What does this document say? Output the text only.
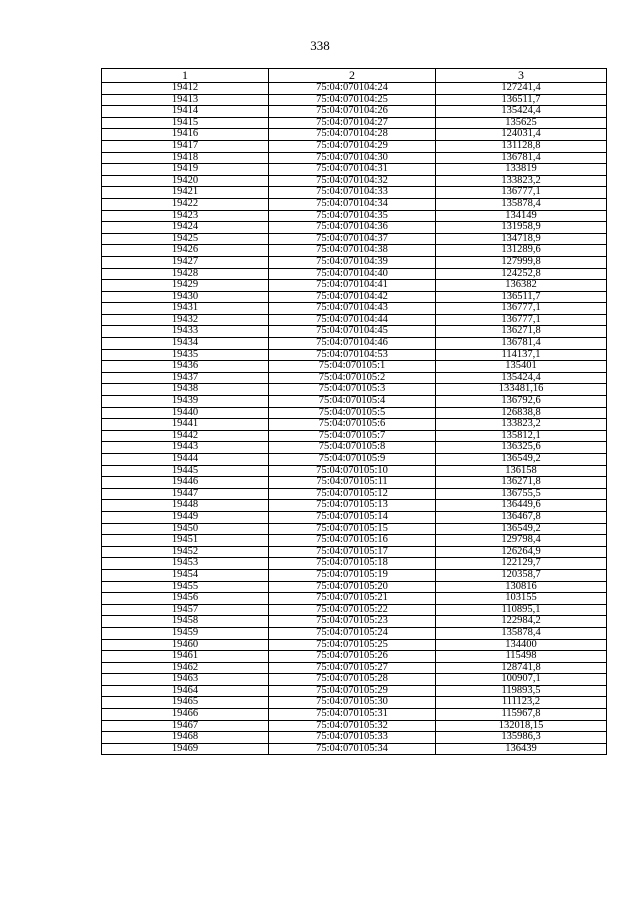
338
1	2	3
19412	75:04:070104:24	127241,4
19413	75:04:070104:25	136511,7
19414	75:04:070104:26	135424,4
19415	75:04:070104:27	135625
19416	75:04:070104:28	124031,4
19417	75:04:070104:29	131128,8
19418	75:04:070104:30	136781,4
19419	75:04:070104:31	133819
19420	75:04:070104:32	133823,2
19421	75:04:070104:33	136777,1
19422	75:04:070104:34	135878,4
19423	75:04:070104:35	134149
19424	75:04:070104:36	131958,9
19425	75:04:070104:37	134718,9
19426	75:04:070104:38	131289,6
19427	75:04:070104:39	127999,8
19428	75:04:070104:40	124252,8
19429	75:04:070104:41	136382
19430	75:04:070104:42	136511,7
19431	75:04:070104:43	136777,1
19432	75:04:070104:44	136777,1
19433	75:04:070104:45	136271,8
19434	75:04:070104:46	136781,4
19435	75:04:070104:53	114137,1
19436	75:04:070105:1	135401
19437	75:04:070105:2	135424,4
19438	75:04:070105:3	133481,16
19439	75:04:070105:4	136792,6
19440	75:04:070105:5	126838,8
19441	75:04:070105:6	133823,2
19442	75:04:070105:7	135812,1
19443	75:04:070105:8	136325,6
19444	75:04:070105:9	136549,2
19445	75:04:070105:10	136158
19446	75:04:070105:11	136271,8
19447	75:04:070105:12	136755,5
19448	75:04:070105:13	136449,6
19449	75:04:070105:14	136467,8
19450	75:04:070105:15	136549,2
19451	75:04:070105:16	129798,4
19452	75:04:070105:17	126264,9
19453	75:04:070105:18	122129,7
19454	75:04:070105:19	120358,7
19455	75:04:070105:20	130816
19456	75:04:070105:21	103155
19457	75:04:070105:22	110895,1
19458	75:04:070105:23	122984,2
19459	75:04:070105:24	135878,4
19460	75:04:070105:25	134400
19461	75:04:070105:26	115498
19462	75:04:070105:27	128741,8
19463	75:04:070105:28	100907,1
19464	75:04:070105:29	119893,5
19465	75:04:070105:30	111123,2
19466	75:04:070105:31	115967,8
19467	75:04:070105:32	132018,15
19468	75:04:070105:33	135986,3
19469	75:04:070105:34	136439
